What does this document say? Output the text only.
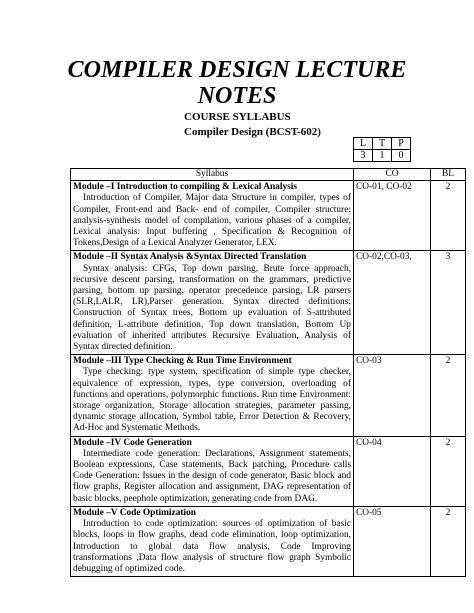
COMPILER DESIGN LECTURE
NOTES
COURSE SYLLABUS
Compiler Design (BCST-602)
L	T	P
3	1	0
Syllabus	CO	BL

Module –I Introduction to compiling & Lexical Analysis
Introduction of Compiler, Major data Structure in compiler, types of Compiler, Front-end and Back- end of compiler, Compiler structure: analysis-synthesis model of compilation, various phases of a compiler, Lexical analysis: Input buffering , Specification & Recognition of Tokens,Design of a Lexical Analyzer Generator, LEX.	CO-01, CO-02	2

Module –II Syntax Analysis &Syntax Directed Translation
Syntax analysis: CFGs, Top down parsing, Brute force approach, recursive descent parsing, transformation on the grammars, predictive parsing, bottom up parsing, operator precedence parsing, LR parsers (SLR,LALR, LR),Parser generation. Syntax directed definitions: Construction of Syntax trees, Bottom up evaluation of S-attributed definition, L-attribute definition, Top down translation, Bottom Up evaluation of inherited attributes Recursive Evaluation, Analysis of Syntax directed definition.	CO-02,CO-03,	3

Module –III Type Checking & Run Time Environment
Type checking: type system, specification of simple type checker, equivalence of expression, types, type conversion, overloading of functions and operations, polymorphic functions. Run time Environment: storage organization, Storage allocation strategies, parameter passing, dynamic storage allocation, Symbol table, Error Detection & Recovery, Ad-Hoc and Systematic Methods.	CO-03	2

Module –IV Code Generation
Intermediate code generation: Declarations, Assignment statements, Boolean expressions, Case statements, Back patching, Procedure calls Code Generation: Issues in the design of code generator, Basic block and flow graphs, Register allocation and assignment, DAG representation of basic blocks, peephole optimization, generating code from DAG.	CO-04	2

Module –V Code Optimization
Introduction to code optimization: sources of optimization of basic blocks, loops in flow graphs, dead code elimination, loop optimization, Introduction to global data flow analysis, Code Improving transformations ,Data flow analysis of structure flow graph Symbolic debugging of optimized code.	CO-05	2
